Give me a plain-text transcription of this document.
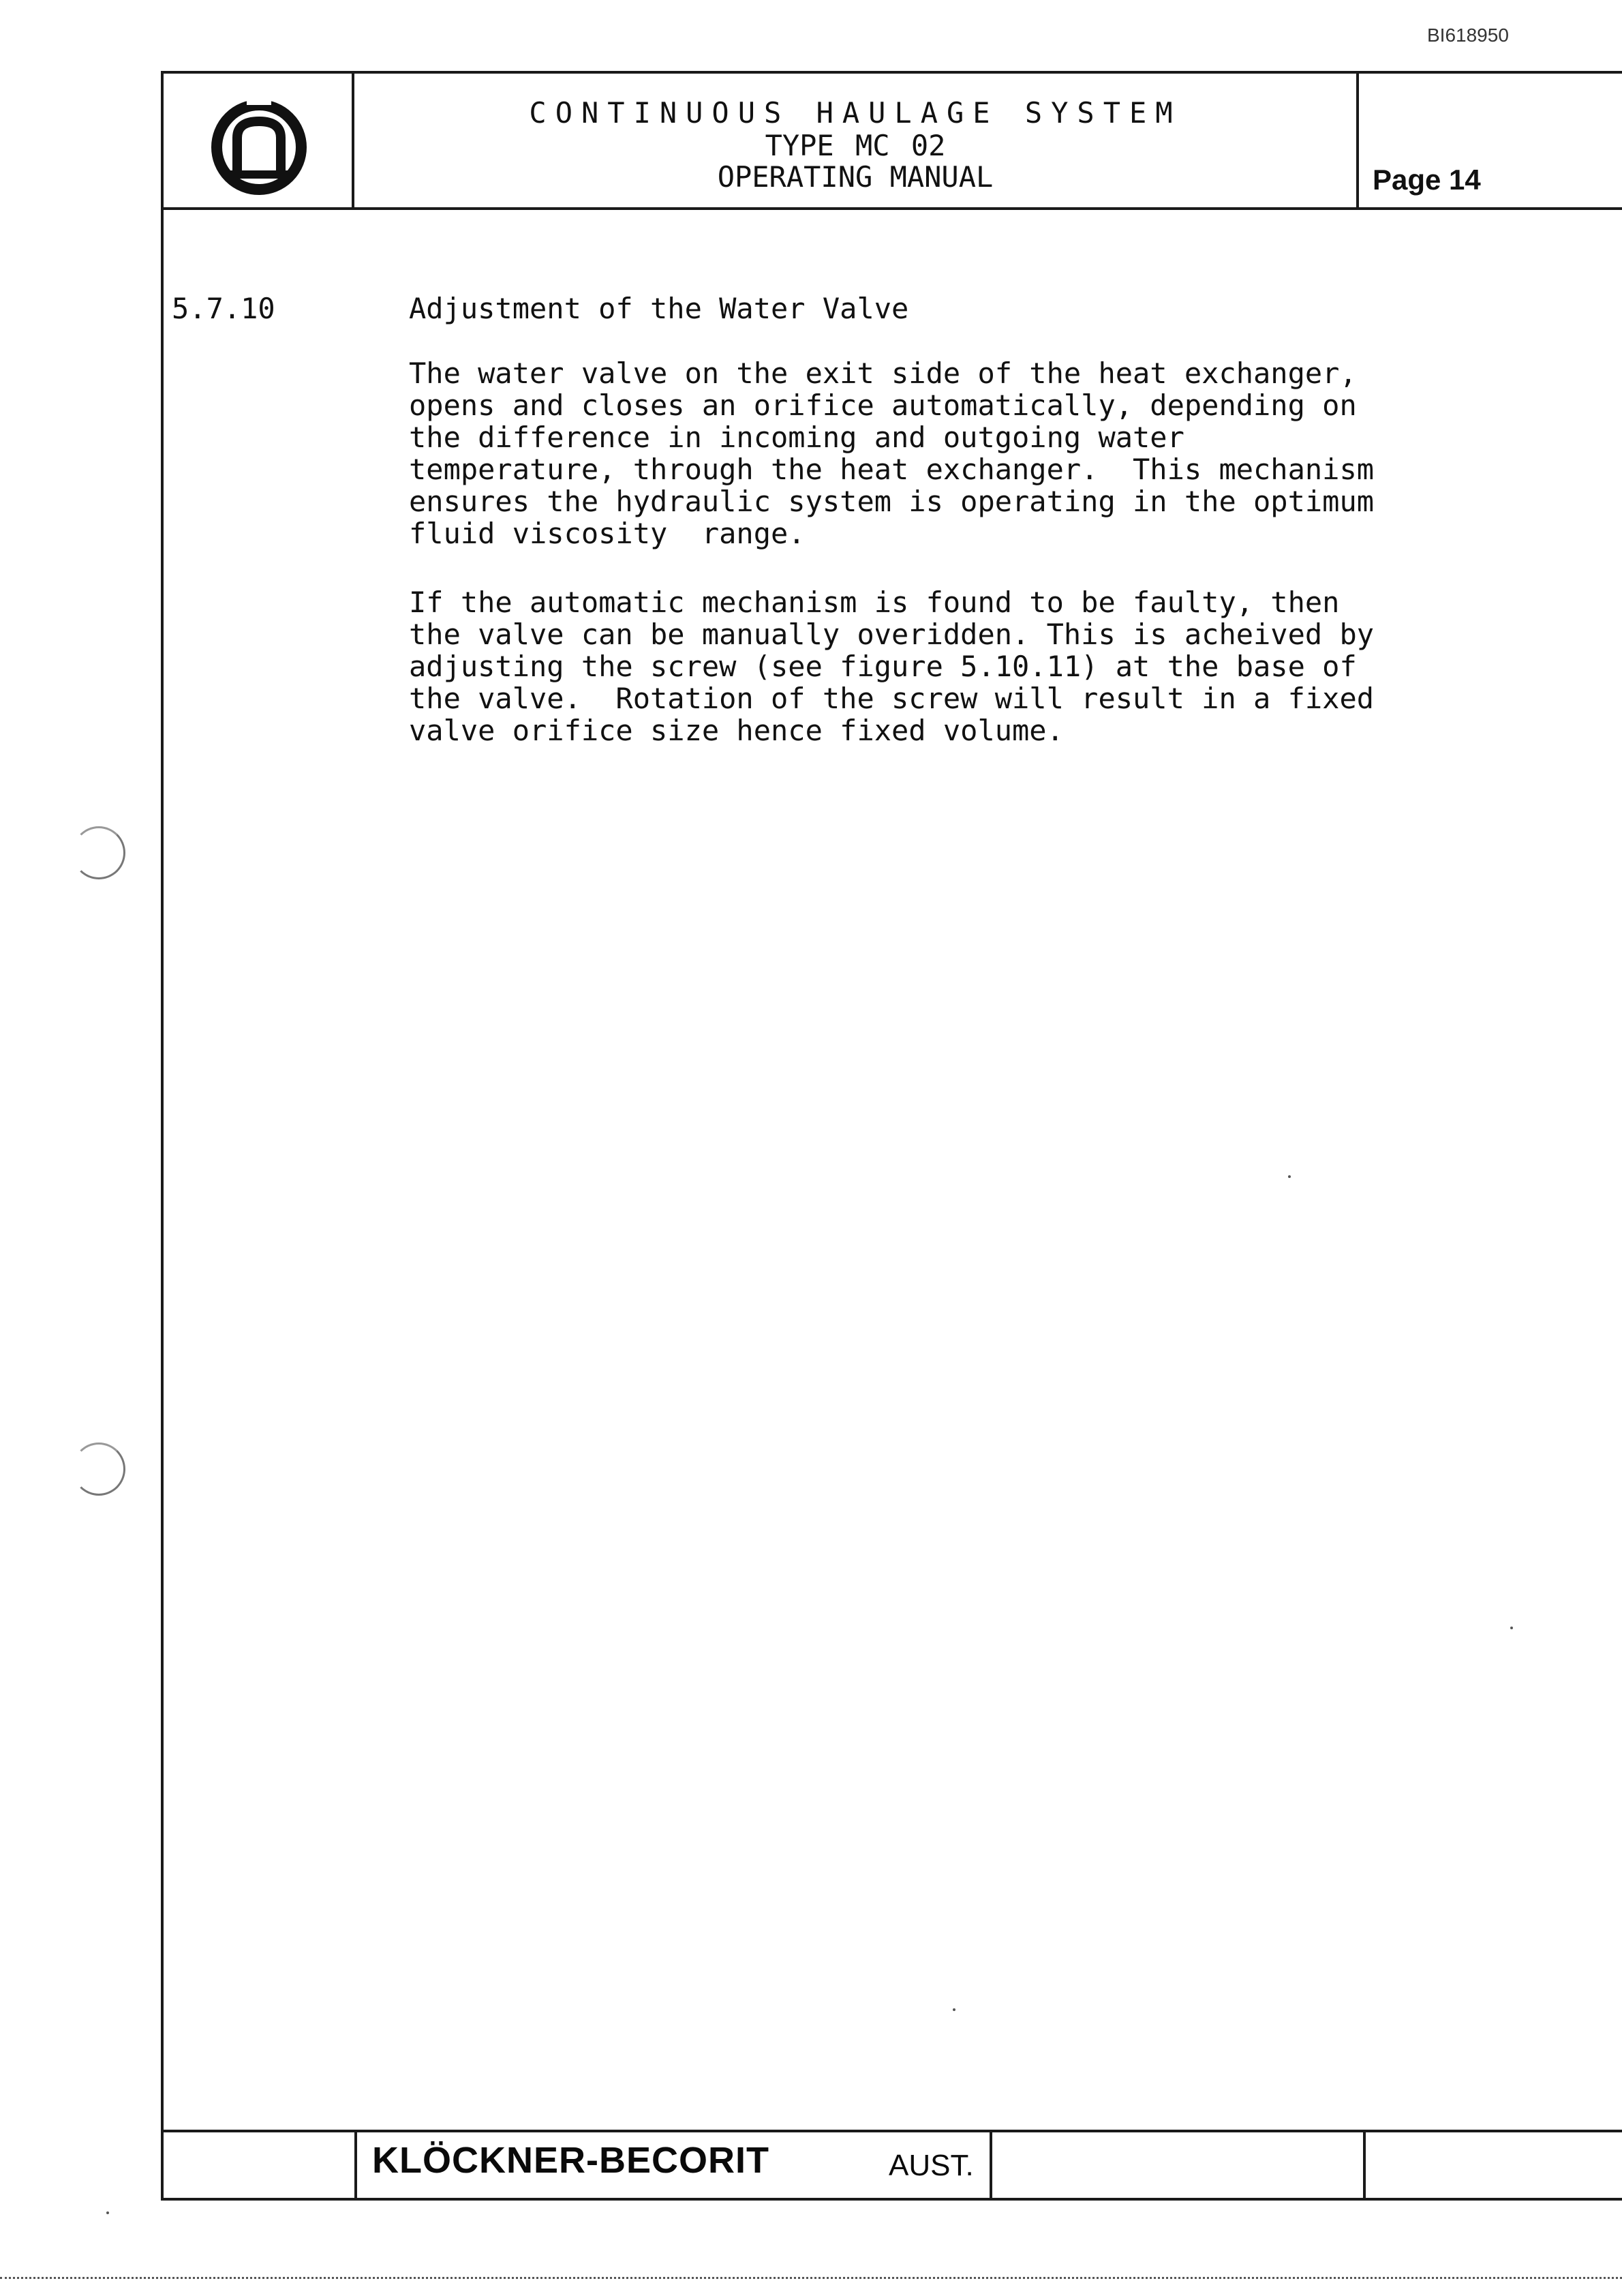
BI618950
CONTINUOUS HAULAGE SYSTEM
TYPE MC 02
OPERATING MANUAL	Page 14
5.7.10	Adjustment of the Water Valve
The water valve on the exit side of the heat exchanger,
opens and closes an orifice automatically, depending on
the difference in incoming and outgoing water
temperature, through the heat exchanger.  This mechanism
ensures the hydraulic system is operating in the optimum
fluid viscosity  range.
If the automatic mechanism is found to be faulty, then
the valve can be manually overidden. This is acheived by
adjusting the screw (see figure 5.10.11) at the base of
the valve.  Rotation of the screw will result in a fixed
valve orifice size hence fixed volume.
KLÖCKNER-BECORIT	AUST.
